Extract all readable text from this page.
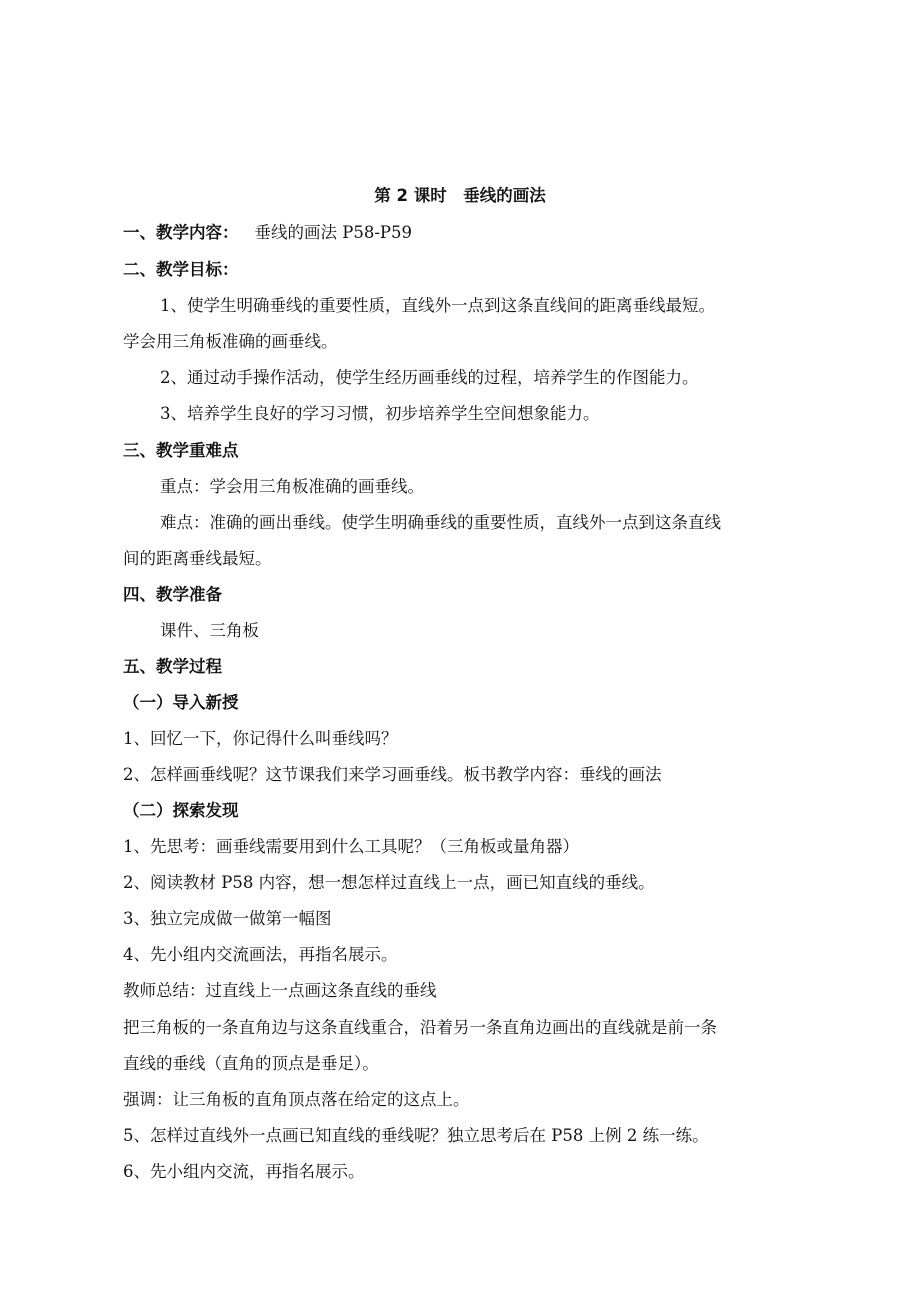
第 2 课时　垂线的画法
一、教学内容： 垂线的画法 P58-P59
二、教学目标：
1、使学生明确垂线的重要性质，直线外一点到这条直线间的距离垂线最短。
学会用三角板准确的画垂线。
2、通过动手操作活动，使学生经历画垂线的过程，培养学生的作图能力。
3、培养学生良好的学习习惯，初步培养学生空间想象能力。
三、教学重难点
重点：学会用三角板准确的画垂线。
难点：准确的画出垂线。使学生明确垂线的重要性质，直线外一点到这条直线
间的距离垂线最短。
四、教学准备
课件、三角板
五、教学过程
（一）导入新授
1、回忆一下，你记得什么叫垂线吗？
2、怎样画垂线呢？这节课我们来学习画垂线。板书教学内容：垂线的画法
（二）探索发现
1、先思考：画垂线需要用到什么工具呢？（三角板或量角器）
2、阅读教材 P58 内容，想一想怎样过直线上一点，画已知直线的垂线。
3、独立完成做一做第一幅图
4、先小组内交流画法，再指名展示。
教师总结：过直线上一点画这条直线的垂线
把三角板的一条直角边与这条直线重合，沿着另一条直角边画出的直线就是前一条
直线的垂线（直角的顶点是垂足）。
强调：让三角板的直角顶点落在给定的这点上。
5、怎样过直线外一点画已知直线的垂线呢？独立思考后在 P58 上例 2 练一练。
6、先小组内交流，再指名展示。
